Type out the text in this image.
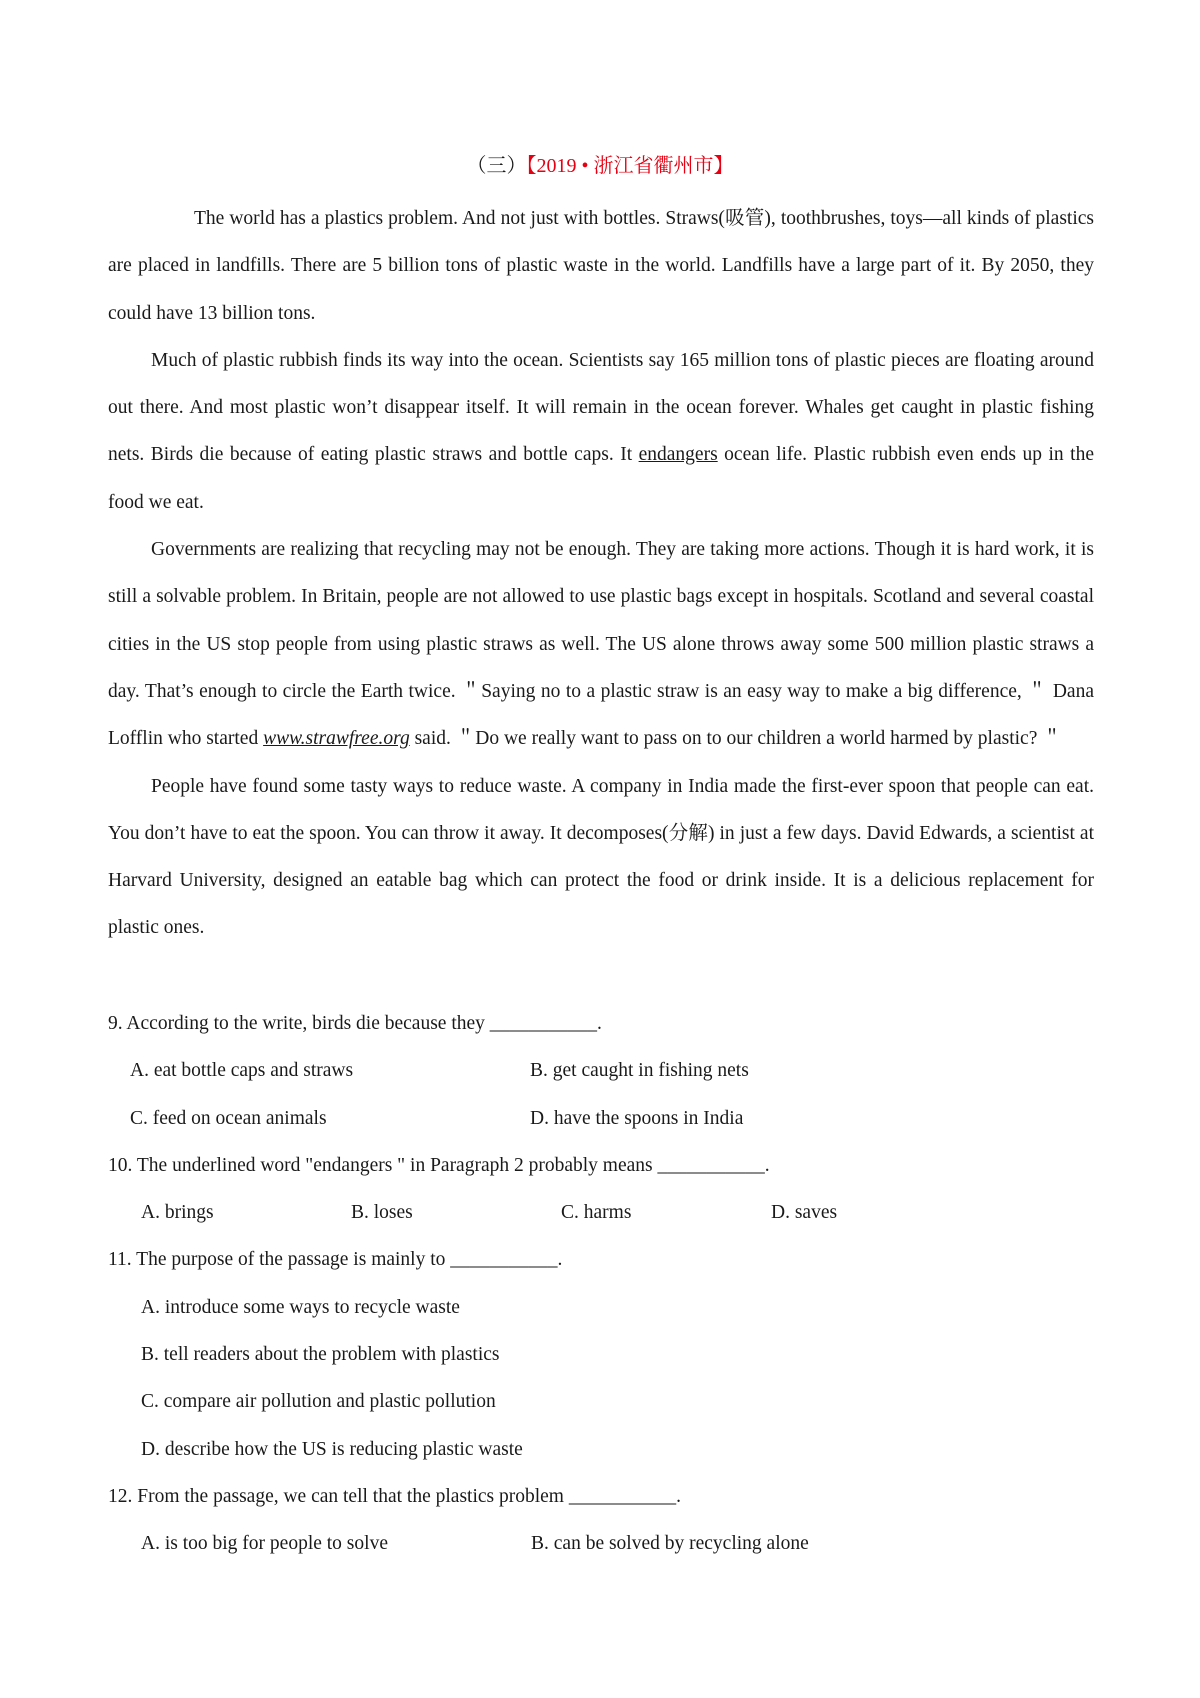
（三）【2019 • 浙江省衢州市】

The world has a plastics problem. And not just with bottles. Straws(吸管), toothbrushes, toys—all kinds of plastics are placed in landfills. There are 5 billion tons of plastic waste in the world. Landfills have a large part of it. By 2050, they could have 13 billion tons.

Much of plastic rubbish finds its way into the ocean. Scientists say 165 million tons of plastic pieces are floating around out there. And most plastic won’t disappear itself. It will remain in the ocean forever. Whales get caught in plastic fishing nets. Birds die because of eating plastic straws and bottle caps. It endangers ocean life. Plastic rubbish even ends up in the food we eat.

Governments are realizing that recycling may not be enough. They are taking more actions. Though it is hard work, it is still a solvable problem. In Britain, people are not allowed to use plastic bags except in hospitals. Scotland and several coastal cities in the US stop people from using plastic straws as well. The US alone throws away some 500 million plastic straws a day. That’s enough to circle the Earth twice. ＂Saying no to a plastic straw is an easy way to make a big difference, ＂ Dana Lofflin who started www.strawfree.org said. ＂Do we really want to pass on to our children a world harmed by plastic? ＂

People have found some tasty ways to reduce waste. A company in India made the first-ever spoon that people can eat. You don’t have to eat the spoon. You can throw it away. It decomposes(分解) in just a few days. David Edwards, a scientist at Harvard University, designed an eatable bag which can protect the food or drink inside. It is a delicious replacement for plastic ones.

9. According to the write, birds die because they ___________.
A. eat bottle caps and straws	B. get caught in fishing nets
C. feed on ocean animals	D. have the spoons in India
10. The underlined word "endangers " in Paragraph 2 probably means ___________.
A. brings	B. loses	C. harms	D. saves
11. The purpose of the passage is mainly to ___________.
A. introduce some ways to recycle waste
B. tell readers about the problem with plastics
C. compare air pollution and plastic pollution
D. describe how the US is reducing plastic waste
12. From the passage, we can tell that the plastics problem ___________.
A. is too big for people to solve	B. can be solved by recycling alone
